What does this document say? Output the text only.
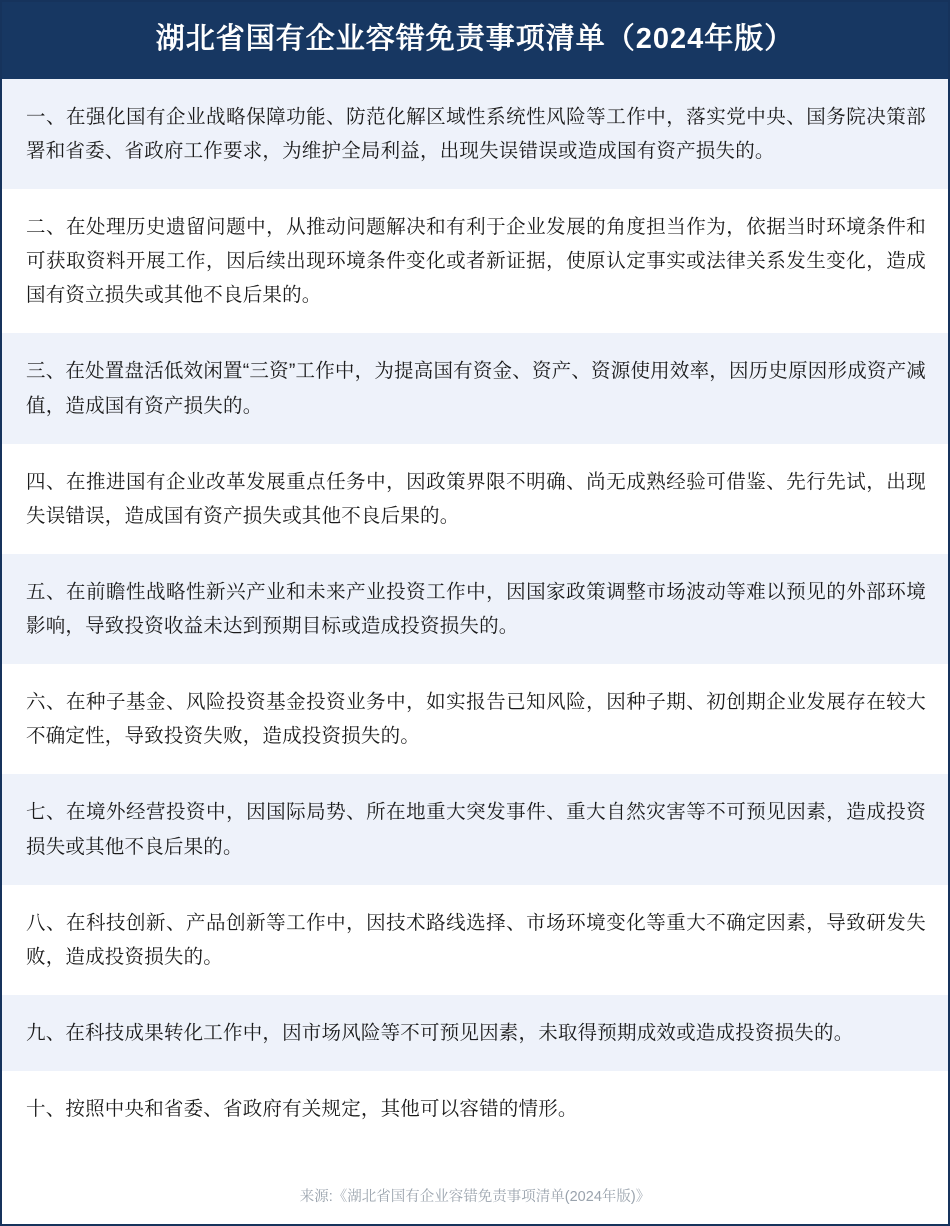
湖北省国有企业容错免责事项清单（2024年版）
一、在强化国有企业战略保障功能、防范化解区域性系统性风险等工作中，落实党中央、国务院决策部署和省委、省政府工作要求，为维护全局利益，出现失误错误或造成国有资产损失的。
二、在处理历史遗留问题中，从推动问题解决和有利于企业发展的角度担当作为，依据当时环境条件和可获取资料开展工作，因后续出现环境条件变化或者新证据，使原认定事实或法律关系发生变化，造成国有资立损失或其他不良后果的。
三、在处置盘活低效闲置“三资”工作中，为提高国有资金、资产、资源使用效率，因历史原因形成资产减值，造成国有资产损失的。
四、在推进国有企业改革发展重点任务中，因政策界限不明确、尚无成熟经验可借鉴、先行先试，出现失误错误，造成国有资产损失或其他不良后果的。
五、在前瞻性战略性新兴产业和未来产业投资工作中，因国家政策调整市场波动等难以预见的外部环境影响，导致投资收益未达到预期目标或造成投资损失的。
六、在种子基金、风险投资基金投资业务中，如实报告已知风险，因种子期、初创期企业发展存在较大不确定性，导致投资失败，造成投资损失的。
七、在境外经营投资中，因国际局势、所在地重大突发事件、重大自然灾害等不可预见因素，造成投资损失或其他不良后果的。
八、在科技创新、产品创新等工作中，因技术路线选择、市场环境变化等重大不确定因素，导致研发失败，造成投资损失的。
九、在科技成果转化工作中，因市场风险等不可预见因素，未取得预期成效或造成投资损失的。
十、按照中央和省委、省政府有关规定，其他可以容错的情形。
来源:《湖北省国有企业容错免责事项清单(2024年版)》
